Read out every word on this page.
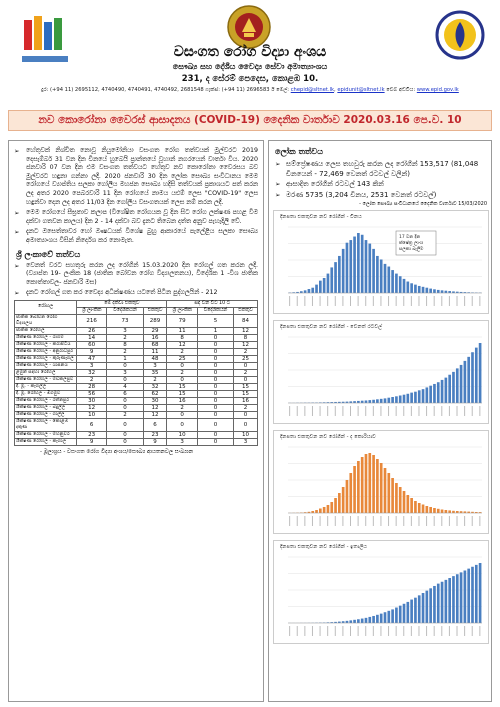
වසංගත රෝග විද්‍යා අංශය
සෞඛ්‍ය සහ දේශීය වෛද්‍ය සේවා අමාත්‍යාංශය
231, ද සේරම් පෙදෙස, කොළඹ 10.
දුර: (+94 11) 2695112, 4740490, 4740491, 4740492, 2681548 ෆැක්ස්: (+94 11) 2696583 ඊ මේල්: chepid@sltnet.lk, epidunit@sltnet.lk වෙබ් අඩවිය: www.epid.gov.lk
නව කොරෝනා වෛරස් ආසාදනය (COVID-19) දෛනික වාර්තාව 2020.03.16 පෙ.ව. 10
➢ හේතුවක් නිශ්චිත නොවූ නියුමෝනියා වසංගත රෝග තත්වයක් මුල්වරට 2019 දෙසැම්බර් 31 වන දින චීනයේ හුබෙයි ප්‍රාන්තයේ වූහාන් නගරයෙන් වාර්තා විය. 2020 ජනවාරි 07 වන දින එම වසංගත තත්වයට හේතුව නව කොරෝනා වෛරසය බව මුල්වරට හඳුනා ගන්නා ලදී. 2020 ජනවාරි 30 දින ලෝක සෞඛ්‍ය සංවිධානය මෙම රෝගයේ ව්‍යාප්තිය සලකා ගෝලීය මහජන සෞඛ්‍ය හදිසි තත්වයක් ප්‍රකාශයට පත් කරන ලද අතර 2020 පෙබරවාරි 11 දින රෝගයේ නාමය යළුම් ලෙස "COVID-19" ලෙස හඳුන්වා දෙන ලද අතර 11/03 දින ගෝලීය වසංගතයක් ලෙස නම් කරන ලදී.
➢ මෙම රෝගයේ සීඝ්‍රතාව කලාප (විශේෂිත රෝගයක වූ දින සිට රෝග ලක්ෂණ පහළ වීම දක්වා ගතවන කාලය) දින 2 - 14 දක්වා බව දැනට තිබෙන දත්ත අනුව පැහැදිලි වේ.
➢ දැනට ඔසෙත්තාවර හෝ ඖෂධයක් විශේෂ බුහු ආකාරයේ පැලේළිය සලකා සෞඛ්‍ය අමාත්‍යාංශය විසින් නිර්දේශ කර නොමැත.
ශ්‍රී ලංකාවේ තත්වය
➢ වෙනත් වරට සහතුරු කරන ලද රෝගීන් 15.03.2020 දින රෝගල් ගත කරන ලදී. (ව්‍යාප්ත 19- ලංකික 18 (ජාතික බෝවන රෝග විද්‍යාලතනය), විදේශික 1 -විශ ජාතික කොත්තාවල- ජනවාරි මස)
➢ දැනට රෝගල් ගත කර වෛද්‍ය අධීක්ෂණය යටතේ පිටින පුද්ගලයින් - 212
රෝහල	මේ දක්වා එකතුව			සඳ වන විට 10 ට		
	ශ්‍රී ලාංකික	විදේශිකයන්	එකතුව	ශ්‍රී ලාංකික	විදේශිකයන්	එකතුව
ජාතික බෝවන රෝග විද්‍යාලය	216	73	289	79	5	84
ජාතික රෝහල	26	3	29	11	1	12
ශික්ෂණ රෝහල - රාගම	14	2	16	8	0	8
ශික්ෂණ රෝහල - කරාපිටිය	60	8	68	12	0	12
ශික්ෂණ රෝහල - අනුරාධපුර	9	2	11	2	0	2
ශික්ෂණ රෝහල - කුරුණෑගල	47	1	48	25	0	25
ශික්ෂණ රෝහල - යාපනය	3	0	3	0	0	0
ළමුන් සඳහා රෝහල	32	3	35	2	0	2
ශික්ෂණ රෝහල - මඩකලපුව	2	0	2	0	0	0
දි. මූ. - කෑගල්ල	28	4	32	15	0	15
දි. මූ. රෝහල - මීගමුව	56	6	62	15	0	15
ශික්ෂණ රෝහල - රත්නපුර	30	0	30	16	0	16
ශික්ෂණ රෝහල - බදුල්ල	12	0	12	2	0	2
ශික්ෂණ රෝහල - ගාල්ල	10	2	12	0	0	0
ශික්ෂණ රෝහල - කොළඹ දකුණ	6	0	6	0	0	0
ශික්ෂණ රෝහල - මහනුවර	23	0	23	10	0	10
ශික්ෂණ රෝහල - කෑගාල	9	0	9	3	0	3
- මූලාශ්‍රය - වසංගත රෝග විද්‍යා අංශය/සෞඛ්‍ය ආයතනවල සංඛ්‍යාන
ලෝක තත්වය
➢ සම්ප්‍රේෂණය ලෙස තහවුරු කරන ලද රෝගීන් 153,517 (81,048 චීනයෙන් - 72,469 වෙනත් රටවල් වලින්)
➢ ආසාදිත රෝගීන් රටවල් 143 කින්
➢ මරණ 5735 (3,204 චීනය, 2531 වෙනත් රටවල්)
- ලෝක සෞඛ්‍ය සංවිධානයේ දෛනික වාර්තාව 15/03/2020
දිනපතා එකතුවන නව රෝගීන් - චීනය
17 වන දින
ක්ෂේත්‍ර ලාංශ
සලකා බැලීම
දිනපතා එකතුවන නව රෝගීන් - වෙනත් රටවල්
දිනපතා එකතුවන නව රෝගීන් - ද කොරියාව
දිනපතා එකතුවන නව රෝගීන් - ඉතාලිය
